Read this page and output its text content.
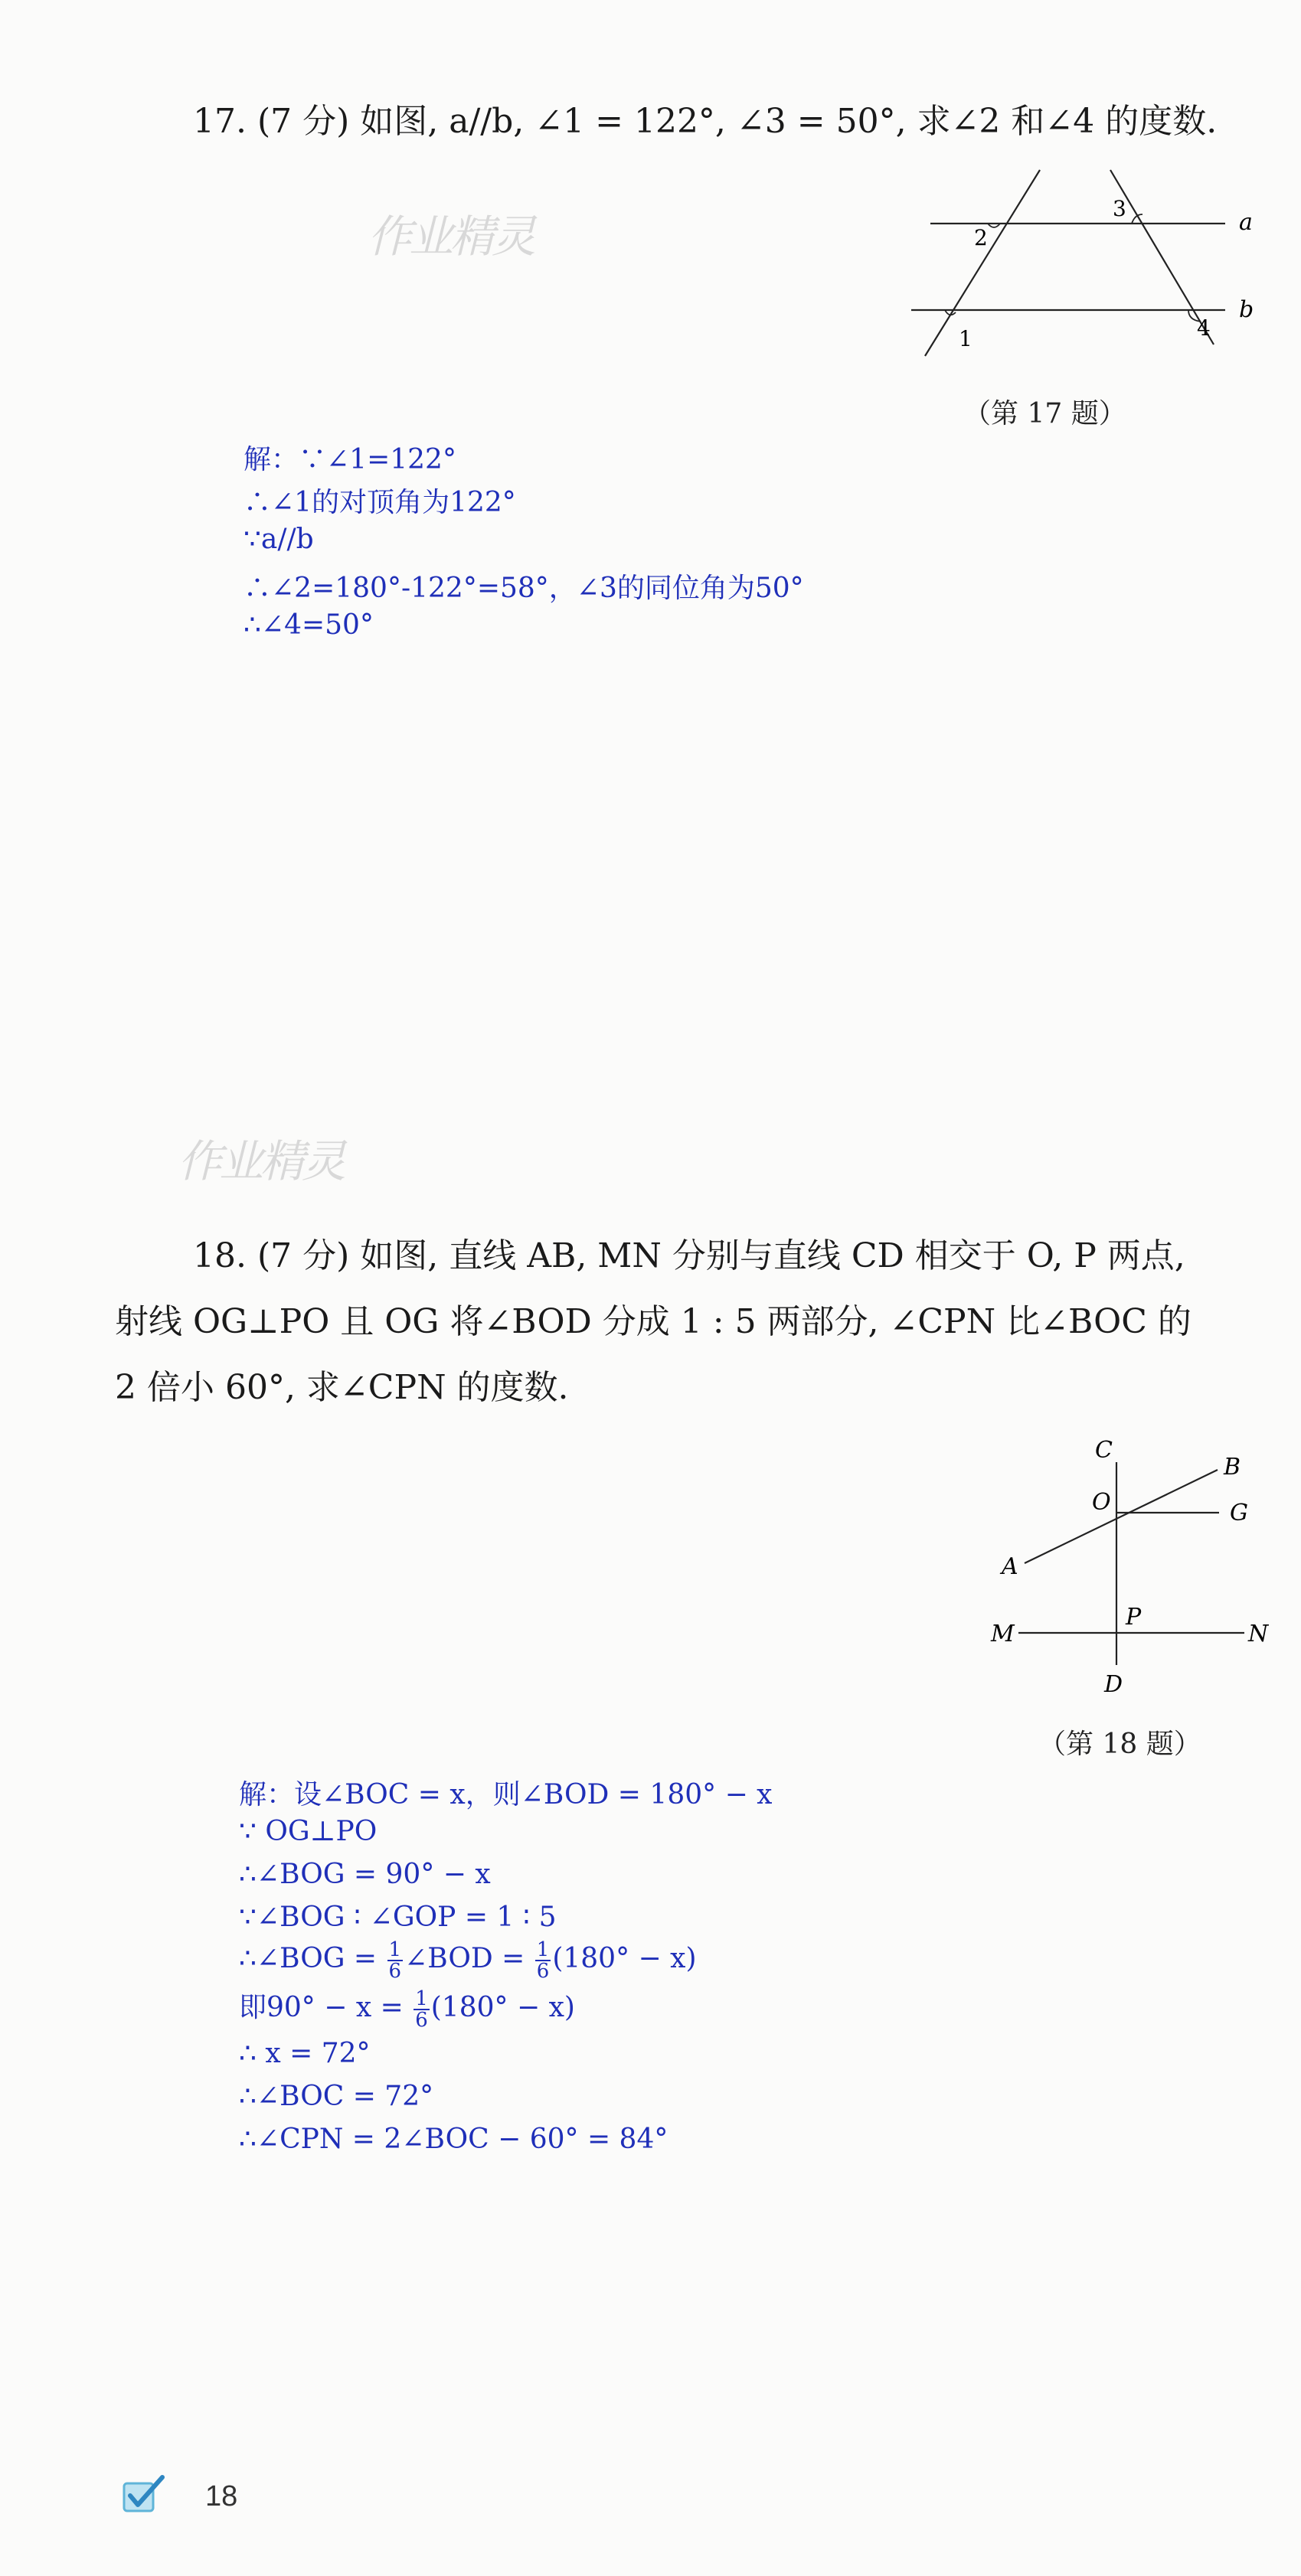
作业精灵
作业精灵
17. (7 分) 如图, a//b, ∠1 = 122°, ∠3 = 50°, 求∠2 和∠4 的度数.
a
b
1
2
3
4
（第 17 题）
解：∵∠1=122°
∴∠1的对顶角为122°
∵a//b
∴∠2=180°-122°=58°，∠3的同位角为50°
∴∠4=50°
18. (7 分) 如图, 直线 AB, MN 分别与直线 CD 相交于 O, P 两点,
射线 OG⊥PO 且 OG 将∠BOD 分成 1 : 5 两部分, ∠CPN 比∠BOC 的
2 倍小 60°, 求∠CPN 的度数.
C
B
O	G
A
P
M	N
D
（第 18 题）
解：设∠BOC = x，则∠BOD = 180° − x
∵ OG⊥PO
∴∠BOG = 90° − x
∵∠BOG ∶ ∠GOP = 1 ∶ 5
∴∠BOG = $\frac{1}{6}$ ∠BOD = $\frac{1}{6} (180^\circ - x)$
即$90^\circ - x = \frac{1}{6} (180^\circ - x)$
∴ x = 72°
∴∠BOC = 72°
∴∠CPN = 2∠BOC − 60° = 84°
18
